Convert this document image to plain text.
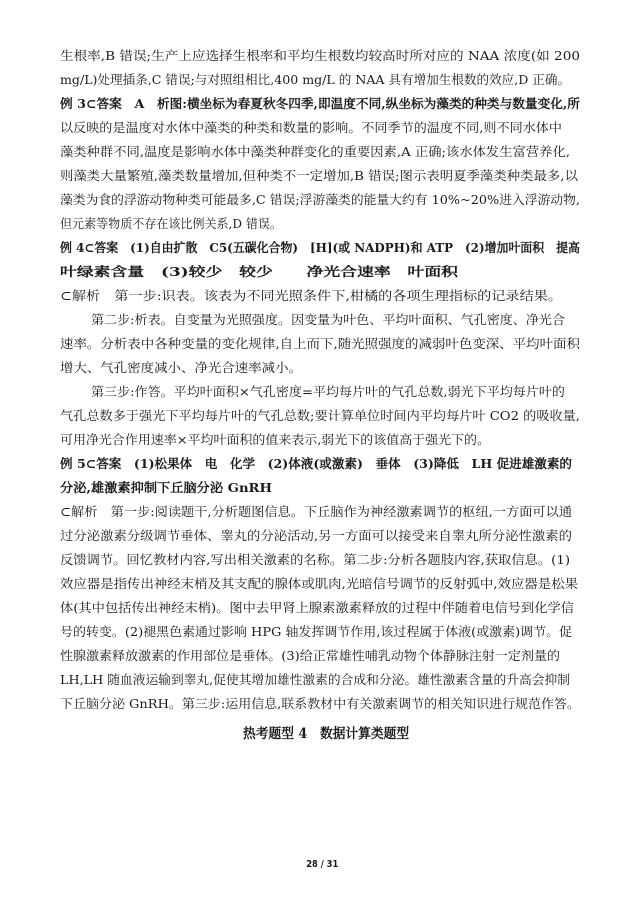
生根率,B 错误;生产上应选择生根率和平均生根数均较高时所对应的 NAA 浓度(如 200
mg/L)处理插条,C 错误;与对照组相比,400 mg/L 的 NAA 具有增加生根数的效应,D 正确。
例 3⊂答案　A　析图:横坐标为春夏秋冬四季,即温度不同,纵坐标为藻类的种类与数量变化,所
以反映的是温度对水体中藻类的种类和数量的影响。不同季节的温度不同,则不同水体中
藻类种群不同,温度是影响水体中藻类种群变化的重要因素,A 正确;该水体发生富营养化,
则藻类大量繁殖,藻类数量增加,但种类不一定增加,B 错误;图示表明夏季藻类种类最多,以
藻类为食的浮游动物种类可能最多,C 错误;浮游藻类的能量大约有 10%~20%进入浮游动物,
但元素等物质不存在该比例关系,D 错误。
例 4⊂答案　(1)自由扩散　C5(五碳化合物)　[H](或 NADPH)和 ATP　(2)增加叶面积　提高
叶绿素含量　(3)较少　较少　　净光合速率　叶面积
⊂解析　第一步:识表。该表为不同光照条件下,柑橘的各项生理指标的记录结果。
第二步:析表。自变量为光照强度。因变量为叶色、平均叶面积、气孔密度、净光合
速率。分析表中各种变量的变化规律,自上而下,随光照强度的减弱叶色变深、平均叶面积
增大、气孔密度减小、净光合速率减小。
第三步:作答。平均叶面积×气孔密度=平均每片叶的气孔总数,弱光下平均每片叶的
气孔总数多于强光下平均每片叶的气孔总数;要计算单位时间内平均每片叶 CO2 的吸收量,
可用净光合作用速率×平均叶面积的值来表示,弱光下的该值高于强光下的。
例 5⊂答案　(1)松果体　电　化学　(2)体液(或激素)　垂体　(3)降低　LH 促进雄激素的
分泌,雄激素抑制下丘脑分泌 GnRH
⊂解析　第一步:阅读题干,分析题图信息。下丘脑作为神经激素调节的枢纽,一方面可以通
过分泌激素分级调节垂体、睾丸的分泌活动,另一方面可以接受来自睾丸所分泌性激素的
反馈调节。回忆教材内容,写出相关激素的名称。第二步:分析各题肢内容,获取信息。(1)
效应器是指传出神经末梢及其支配的腺体或肌肉,光暗信号调节的反射弧中,效应器是松果
体(其中包括传出神经末梢)。图中去甲肾上腺素激素释放的过程中伴随着电信号到化学信
号的转变。(2)褪黑色素通过影响 HPG 轴发挥调节作用,该过程属于体液(或激素)调节。促
性腺激素释放激素的作用部位是垂体。(3)给正常雄性哺乳动物个体静脉注射一定剂量的
LH,LH 随血液运输到睾丸,促使其增加雄性激素的合成和分泌。雄性激素含量的升高会抑制
下丘脑分泌 GnRH。第三步:运用信息,联系教材中有关激素调节的相关知识进行规范作答。
热考题型 4　数据计算类题型
28 / 31
